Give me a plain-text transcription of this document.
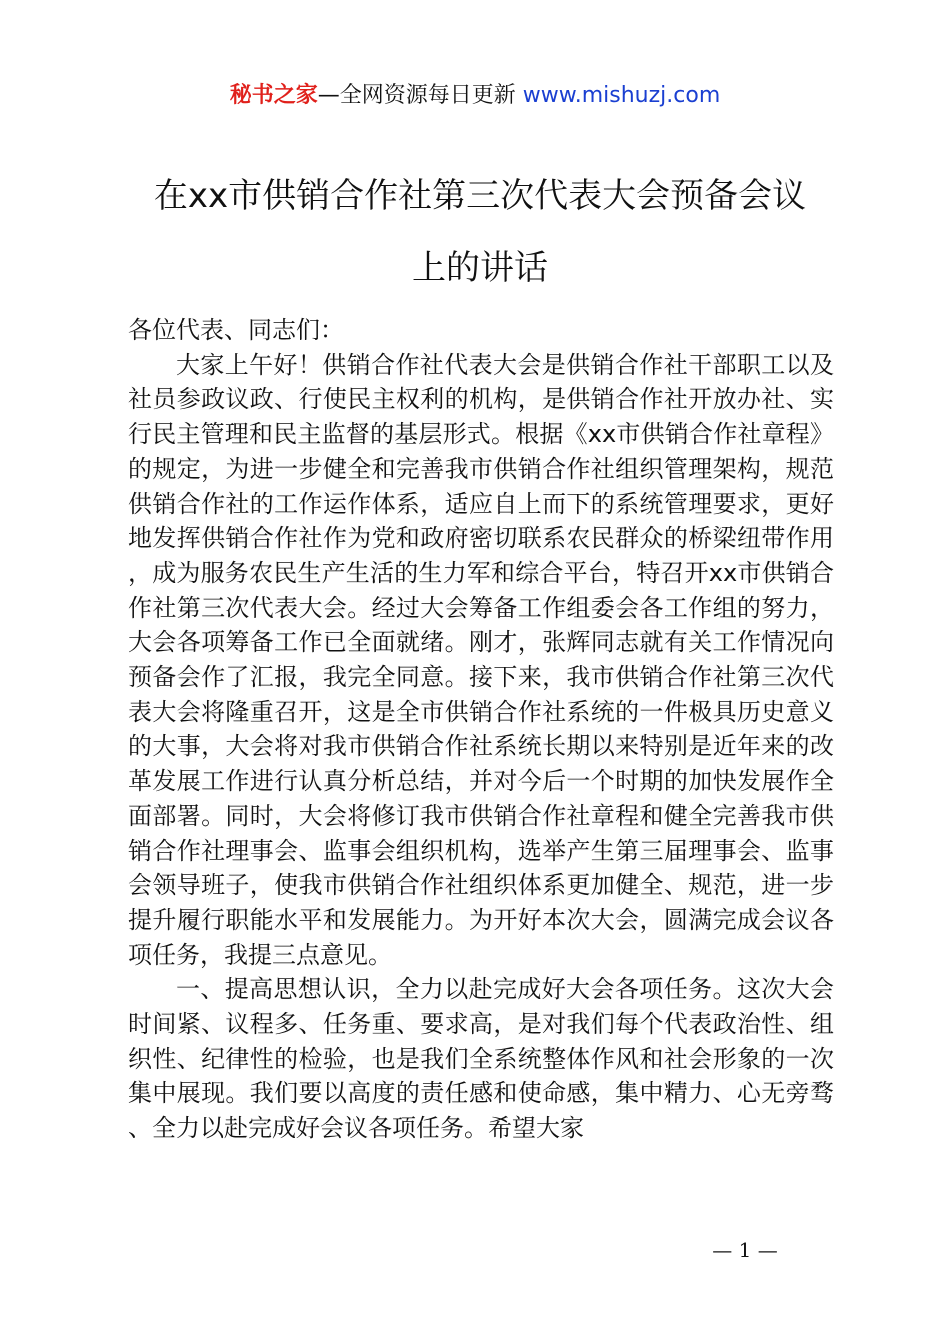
秘书之家—全网资源每日更新 www.mishuzj.com
在xx市供销合作社第三次代表大会预备会议
上的讲话

各位代表、同志们：

大家上午好！供销合作社代表大会是供销合作社干部职工以及社员参政议政、行使民主权利的机构，是供销合作社开放办社、实行民主管理和民主监督的基层形式。根据《xx市供销合作社章程》的规定，为进一步健全和完善我市供销合作社组织管理架构，规范供销合作社的工作运作体系，适应自上而下的系统管理要求，更好地发挥供销合作社作为党和政府密切联系农民群众的桥梁纽带作用，成为服务农民生产生活的生力军和综合平台，特召开xx市供销合作社第三次代表大会。经过大会筹备工作组委会各工作组的努力，大会各项筹备工作已全面就绪。刚才，张辉同志就有关工作情况向预备会作了汇报，我完全同意。接下来，我市供销合作社第三次代表大会将隆重召开，这是全市供销合作社系统的一件极具历史意义的大事，大会将对我市供销合作社系统长期以来特别是近年来的改革发展工作进行认真分析总结，并对今后一个时期的加快发展作全面部署。同时，大会将修订我市供销合作社章程和健全完善我市供销合作社理事会、监事会组织机构，选举产生第三届理事会、监事会领导班子，使我市供销合作社组织体系更加健全、规范，进一步提升履行职能水平和发展能力。为开好本次大会，圆满完成会议各项任务，我提三点意见。

一、提高思想认识，全力以赴完成好大会各项任务。这次大会时间紧、议程多、任务重、要求高，是对我们每个代表政治性、组织性、纪律性的检验，也是我们全系统整体作风和社会形象的一次集中展现。我们要以高度的责任感和使命感，集中精力、心无旁骛、全力以赴完成好会议各项任务。希望大家

— 1 —
